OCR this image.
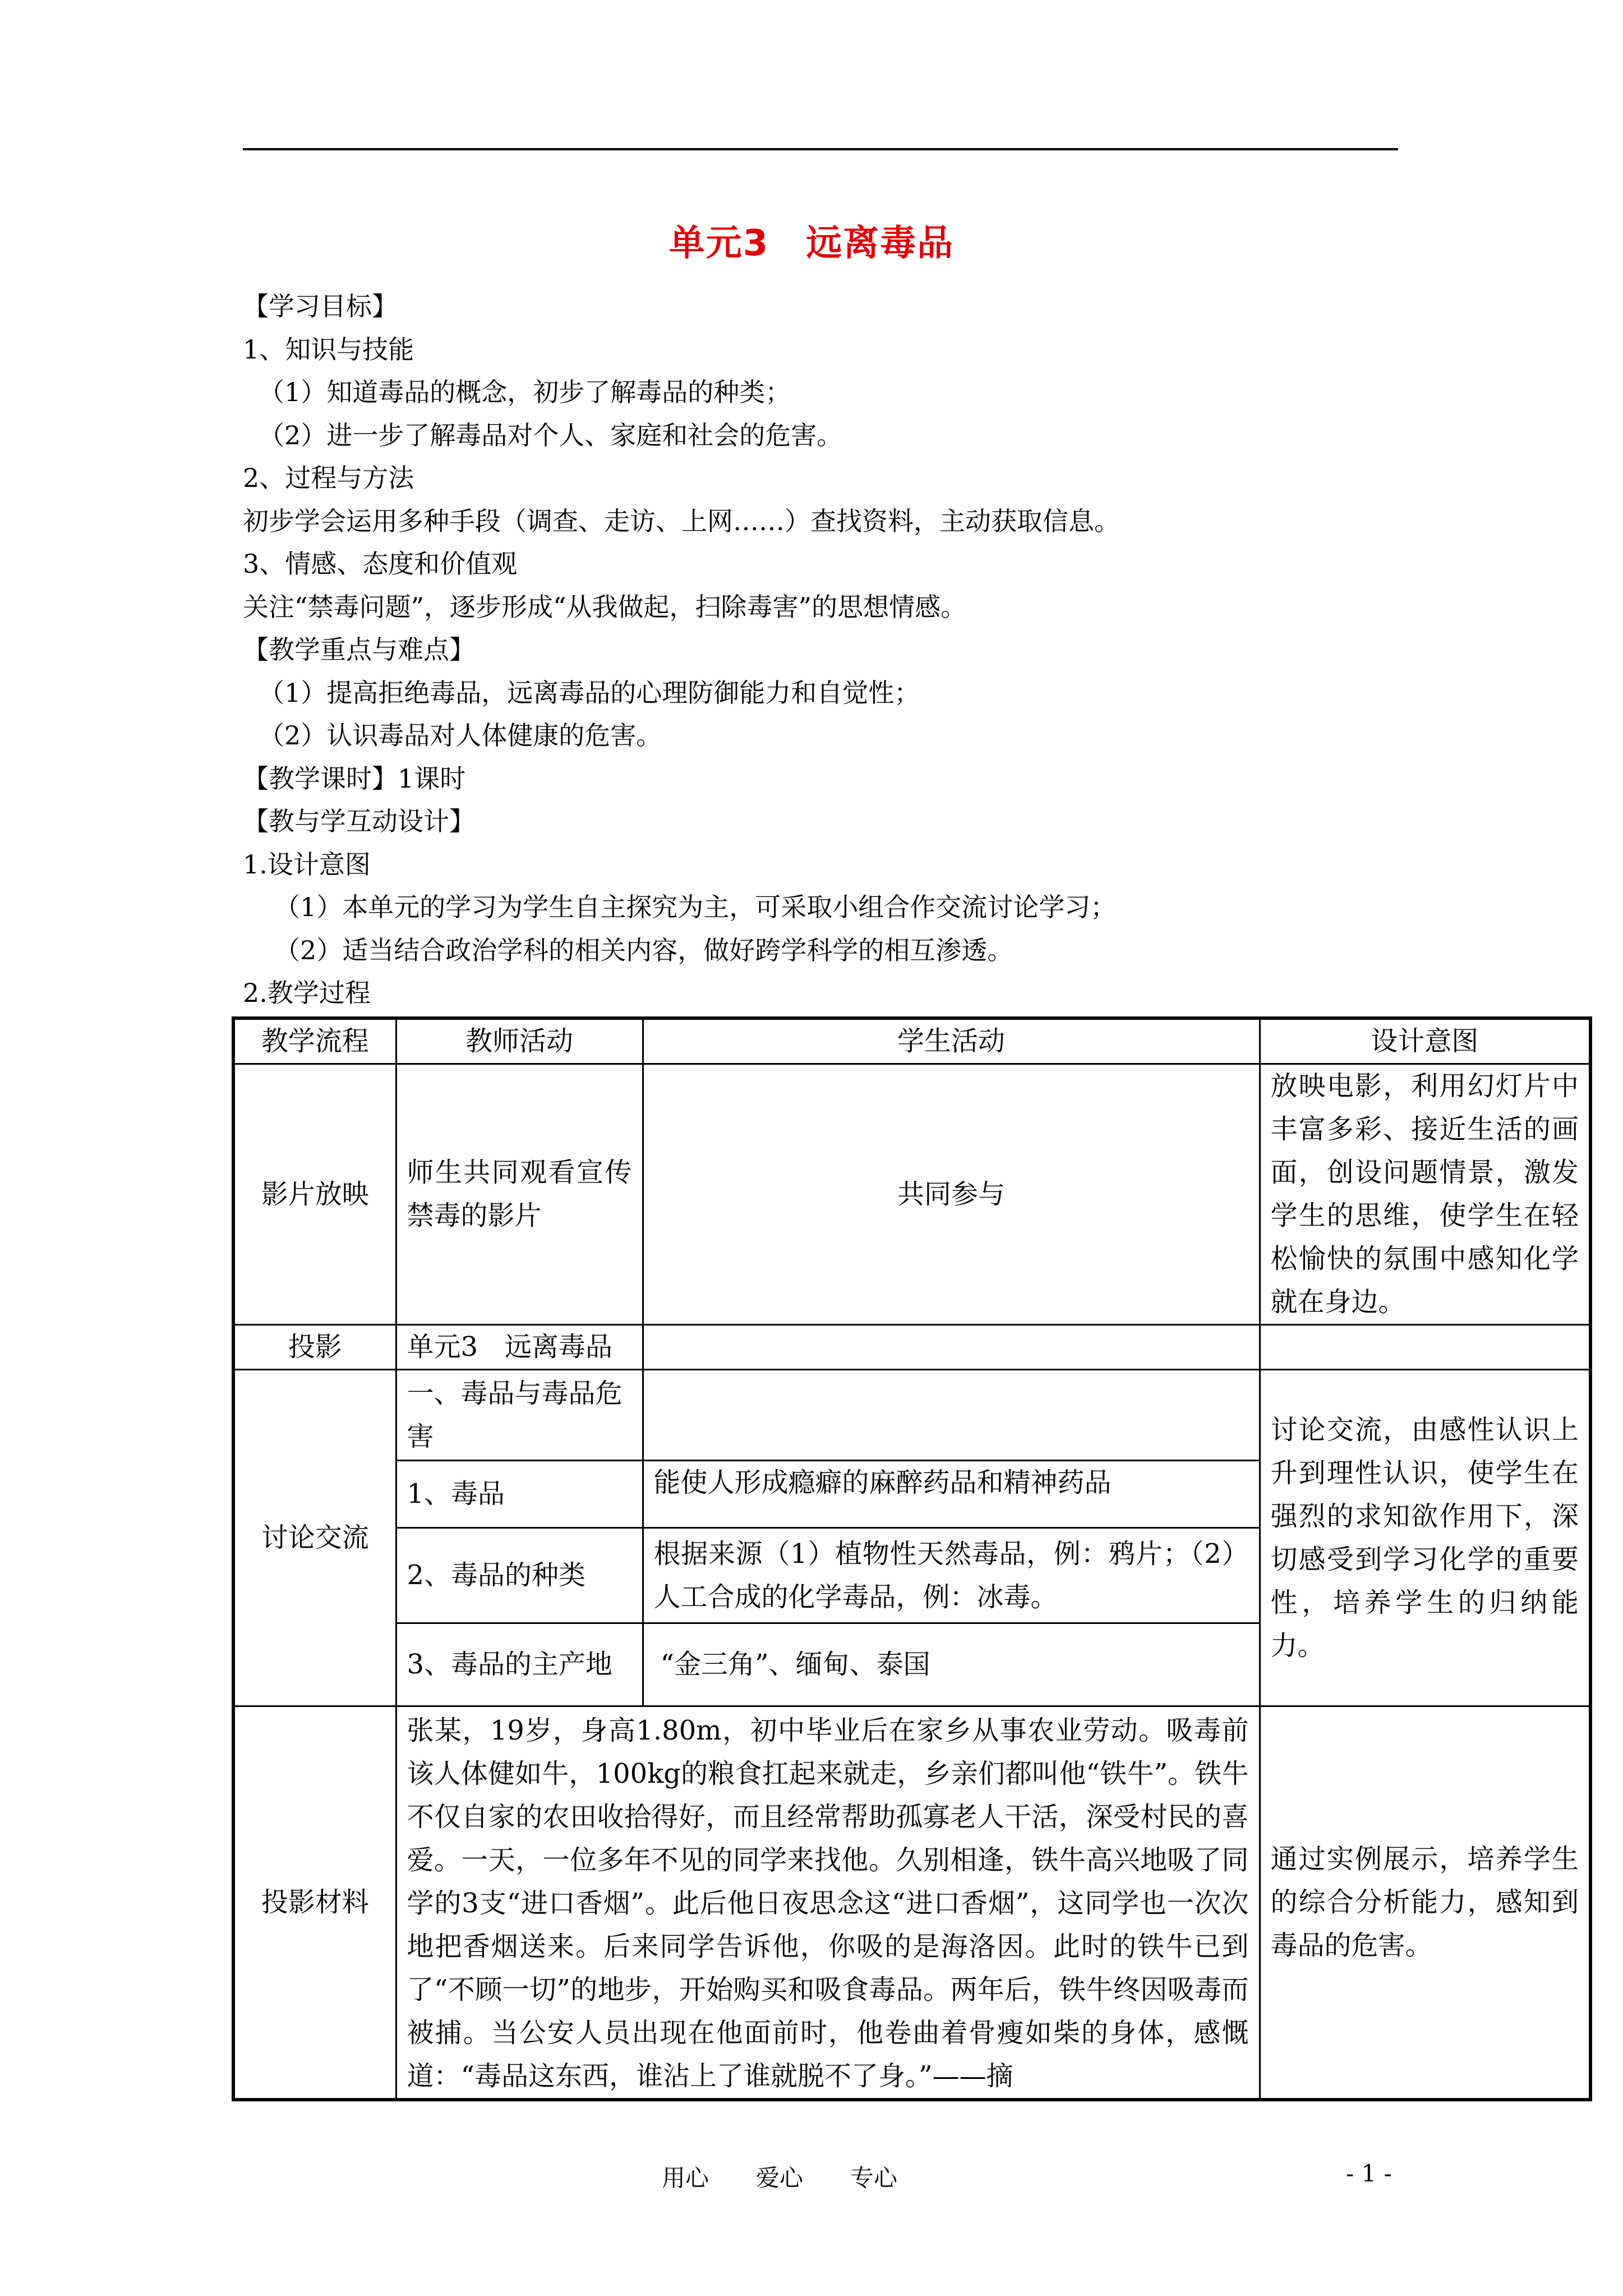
单元3　远离毒品
【学习目标】
1、知识与技能
（1）知道毒品的概念，初步了解毒品的种类；
（2）进一步了解毒品对个人、家庭和社会的危害。
2、过程与方法
初步学会运用多种手段（调查、走访、上网……）查找资料，主动获取信息。
3、情感、态度和价值观
关注“禁毒问题”，逐步形成“从我做起，扫除毒害”的思想情感。
【教学重点与难点】
（1）提高拒绝毒品，远离毒品的心理防御能力和自觉性；
（2）认识毒品对人体健康的危害。
【教学课时】1课时
【教与学互动设计】
1.设计意图
（1）本单元的学习为学生自主探究为主，可采取小组合作交流讨论学习；
（2）适当结合政治学科的相关内容，做好跨学科学的相互渗透。
2.教学过程
教学流程	教师活动	学生活动	设计意图
影片放映	师生共同观看宣传禁毒的影片	共同参与	放映电影，利用幻灯片中丰富多彩、接近生活的画面，创设问题情景，激发学生的思维，使学生在轻松愉快的氛围中感知化学就在身边。
投影	单元3　远离毒品		
讨论交流	一、毒品与毒品危害		讨论交流，由感性认识上升到理性认识，使学生在强烈的求知欲作用下，深切感受到学习化学的重要性，培养学生的归纳能力。
	1、毒品	能使人形成瘾癖的麻醉药品和精神药品	
	2、毒品的种类	根据来源（1）植物性天然毒品，例：鸦片；（2）人工合成的化学毒品，例：冰毒。	
	3、毒品的主产地	“金三角”、缅甸、泰国	
投影材料	张某，19岁，身高1.80m，初中毕业后在家乡从事农业劳动。吸毒前该人体健如牛，100kg的粮食扛起来就走，乡亲们都叫他“铁牛”。铁牛不仅自家的农田收拾得好，而且经常帮助孤寡老人干活，深受村民的喜爱。一天，一位多年不见的同学来找他。久别相逢，铁牛高兴地吸了同学的3支“进口香烟”。此后他日夜思念这“进口香烟”，这同学也一次次地把香烟送来。后来同学告诉他，你吸的是海洛因。此时的铁牛已到了“不顾一切”的地步，开始购买和吸食毒品。两年后，铁牛终因吸毒而被捕。当公安人员出现在他面前时，他卷曲着骨瘦如柴的身体，感慨道：“毒品这东西，谁沾上了谁就脱不了身。”——摘		通过实例展示，培养学生的综合分析能力，感知到毒品的危害。
用心　　爱心　　专心	- 1 -
